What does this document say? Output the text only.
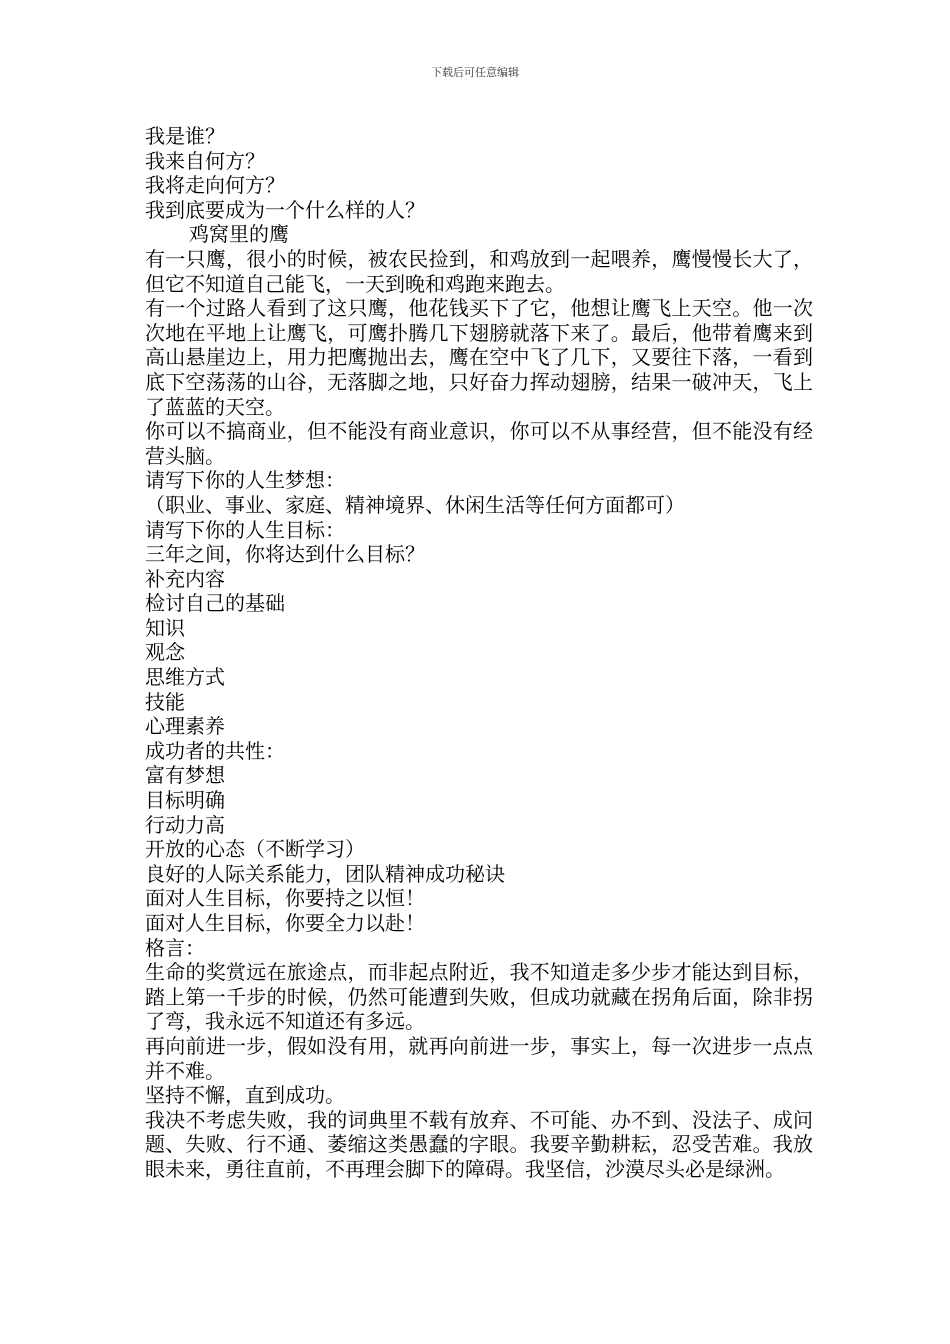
下载后可任意编辑

我是谁？

我来自何方？

我将走向何方？

我到底要成为一个什么样的人？

鸡窝里的鹰

有一只鹰，很小的时候，被农民捡到，和鸡放到一起喂养，鹰慢慢长大了，但它不知道自己能飞，一天到晚和鸡跑来跑去。

有一个过路人看到了这只鹰，他花钱买下了它，他想让鹰飞上天空。他一次次地在平地上让鹰飞，可鹰扑腾几下翅膀就落下来了。最后，他带着鹰来到高山悬崖边上，用力把鹰抛出去，鹰在空中飞了几下，又要往下落，一看到底下空荡荡的山谷，无落脚之地，只好奋力挥动翅膀，结果一破冲天，飞上了蓝蓝的天空。

你可以不搞商业，但不能没有商业意识，你可以不从事经营，但不能没有经营头脑。

请写下你的人生梦想：

（职业、事业、家庭、精神境界、休闲生活等任何方面都可）

请写下你的人生目标：

三年之间，你将达到什么目标？

补充内容

检讨自己的基础

知识

观念

思维方式

技能

心理素养

成功者的共性：

富有梦想

目标明确

行动力高

开放的心态（不断学习）

良好的人际关系能力，团队精神成功秘诀

面对人生目标，你要持之以恒！

面对人生目标，你要全力以赴！

格言：

生命的奖赏远在旅途点，而非起点附近，我不知道走多少步才能达到目标，踏上第一千步的时候，仍然可能遭到失败，但成功就藏在拐角后面，除非拐了弯，我永远不知道还有多远。

再向前进一步，假如没有用，就再向前进一步，事实上，每一次进步一点点并不难。

坚持不懈，直到成功。

我决不考虑失败，我的词典里不载有放弃、不可能、办不到、没法子、成问题、失败、行不通、萎缩这类愚蠢的字眼。我要辛勤耕耘，忍受苦难。我放眼未来，勇往直前，不再理会脚下的障碍。我坚信，沙漠尽头必是绿洲。
